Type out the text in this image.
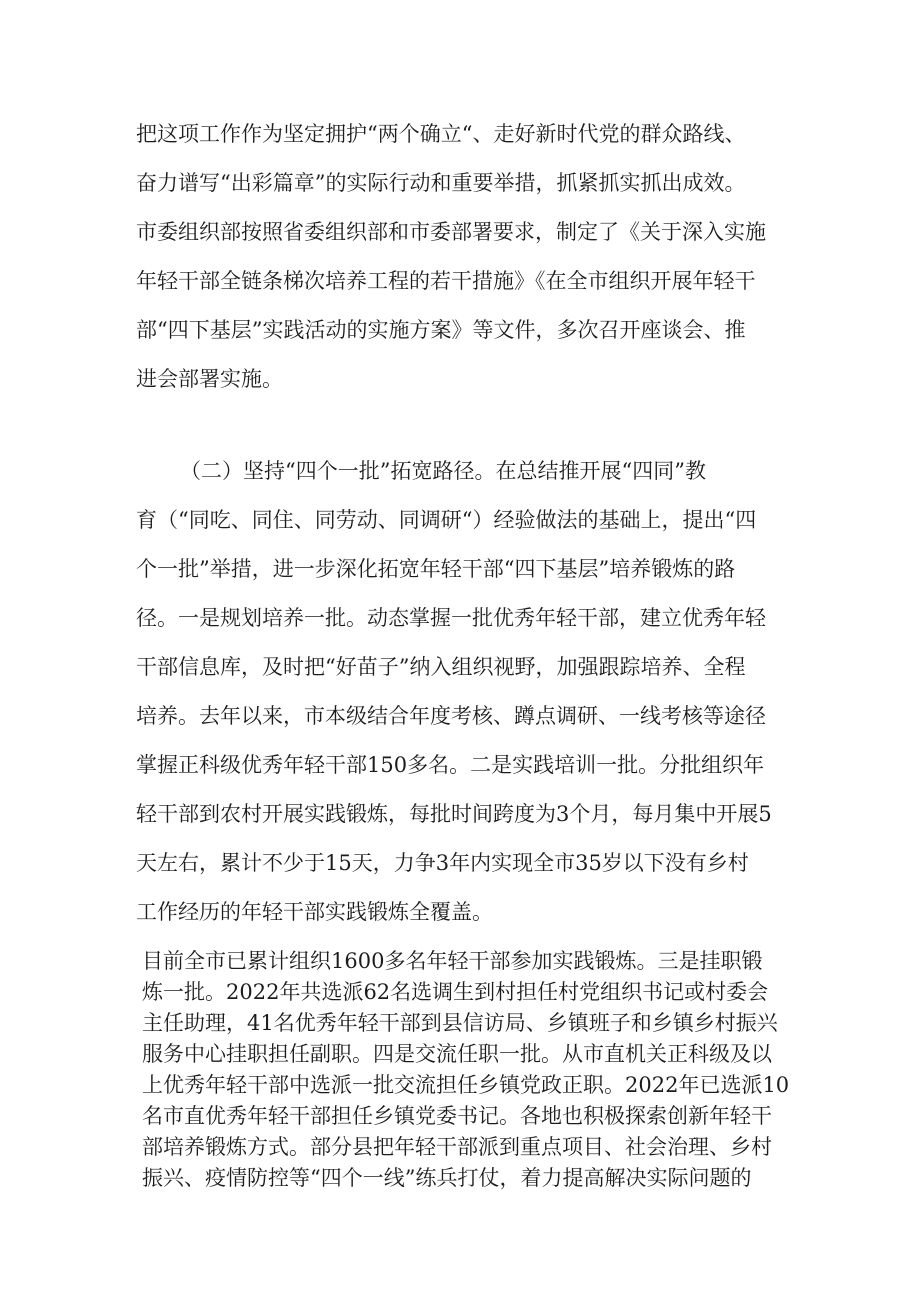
把这项工作作为坚定拥护“两个确立“、走好新时代党的群众路线、
奋力谱写“出彩篇章”的实际行动和重要举措，抓紧抓实抓出成效。
市委组织部按照省委组织部和市委部署要求，制定了《关于深入实施
年轻干部全链条梯次培养工程的若干措施》《在全市组织开展年轻干
部“四下基层”实践活动的实施方案》等文件，多次召开座谈会、推
进会部署实施。
（二）坚持“四个一批”拓宽路径。在总结推开展“四同”教
育（“同吃、同住、同劳动、同调研“）经验做法的基础上，提出“四
个一批”举措，进一步深化拓宽年轻干部“四下基层”培养锻炼的路
径。一是规划培养一批。动态掌握一批优秀年轻干部，建立优秀年轻
干部信息库，及时把“好苗子”纳入组织视野，加强跟踪培养、全程
培养。去年以来，市本级结合年度考核、蹲点调研、一线考核等途径
掌握正科级优秀年轻干部150多名。二是实践培训一批。分批组织年
轻干部到农村开展实践锻炼，每批时间跨度为3个月，每月集中开展5
天左右，累计不少于15天，力争3年内实现全市35岁以下没有乡村
工作经历的年轻干部实践锻炼全覆盖。
目前全市已累计组织1600多名年轻干部参加实践锻炼。三是挂职锻
炼一批。2022年共选派62名选调生到村担任村党组织书记或村委会
主任助理，41名优秀年轻干部到县信访局、乡镇班子和乡镇乡村振兴
服务中心挂职担任副职。四是交流任职一批。从市直机关正科级及以
上优秀年轻干部中选派一批交流担任乡镇党政正职。2022年已选派10
名市直优秀年轻干部担任乡镇党委书记。各地也积极探索创新年轻干
部培养锻炼方式。部分县把年轻干部派到重点项目、社会治理、乡村
振兴、疫情防控等“四个一线”练兵打仗，着力提高解决实际问题的
